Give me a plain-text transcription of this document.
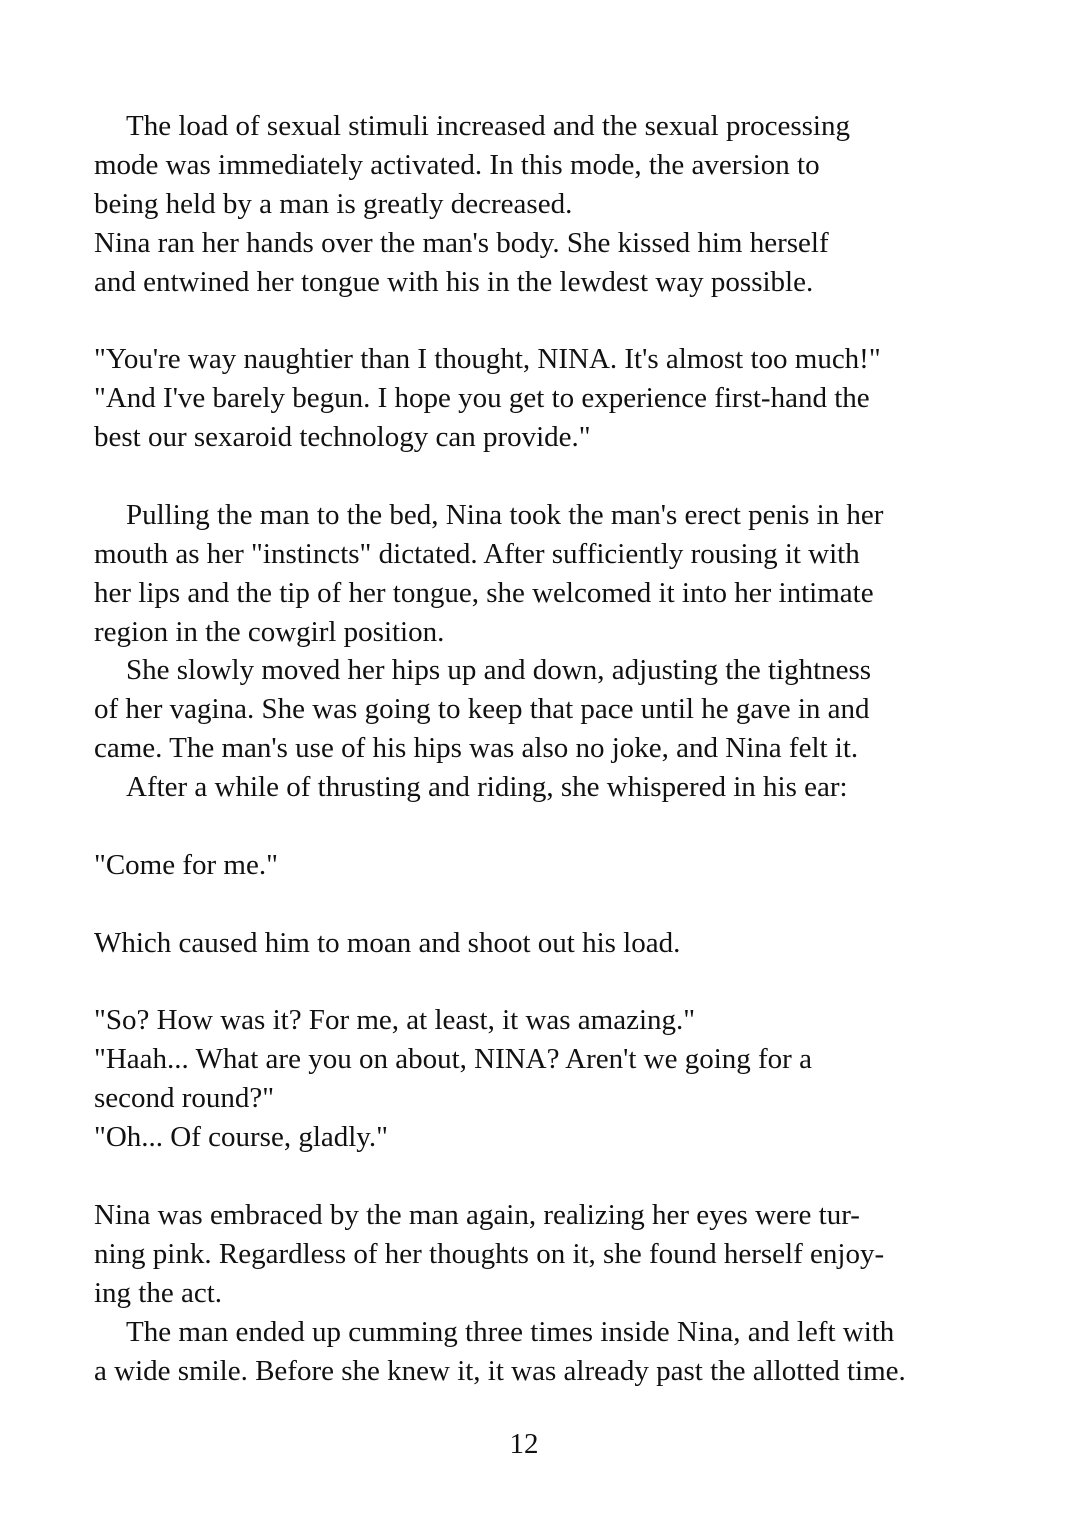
The load of sexual stimuli increased and the sexual processing
mode was immediately activated. In this mode, the aversion to
being held by a man is greatly decreased.
Nina ran her hands over the man's body. She kissed him herself
and entwined her tongue with his in the lewdest way possible.
"You're way naughtier than I thought, NINA. It's almost too much!"
"And I've barely begun. I hope you get to experience first-hand the
best our sexaroid technology can provide."
Pulling the man to the bed, Nina took the man's erect penis in her
mouth as her "instincts" dictated. After sufficiently rousing it with
her lips and the tip of her tongue, she welcomed it into her intimate
region in the cowgirl position.
She slowly moved her hips up and down, adjusting the tightness
of her vagina. She was going to keep that pace until he gave in and
came. The man's use of his hips was also no joke, and Nina felt it.
After a while of thrusting and riding, she whispered in his ear:
"Come for me."
Which caused him to moan and shoot out his load.
"So? How was it? For me, at least, it was amazing."
"Haah... What are you on about, NINA? Aren't we going for a
second round?"
"Oh... Of course, gladly."
Nina was embraced by the man again, realizing her eyes were tur-
ning pink. Regardless of her thoughts on it, she found herself enjoy-
ing the act.
The man ended up cumming three times inside Nina, and left with
a wide smile. Before she knew it, it was already past the allotted time.
12
